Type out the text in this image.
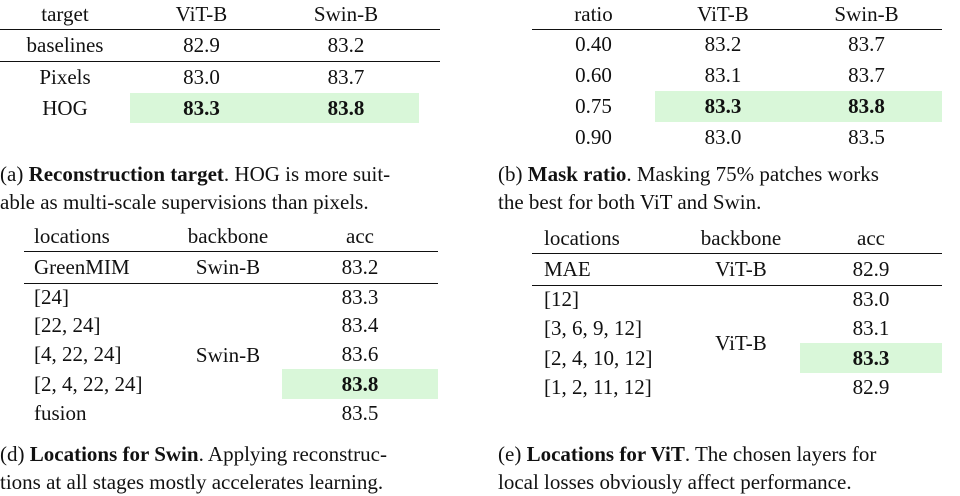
target	ViT-B	Swin-B	
baselines	82.9	83.2	
Pixels	83.0	83.7	
HOG	83.3	83.8	
(a) Reconstruction target. HOG is more suit-
able as multi-scale supervisions than pixels.
ratio	ViT-B	Swin-B
0.40	83.2	83.7
0.60	83.1	83.7
0.75	83.3	83.8
0.90	83.0	83.5
(b) Mask ratio. Masking 75% patches works
the best for both ViT and Swin.
locations	backbone	acc
GreenMIM	Swin-B	83.2
[24]	Swin-B	83.3
[22, 24]		83.4
[4, 22, 24]		83.6
[2, 4, 22, 24]		83.8
fusion		83.5
(d) Locations for Swin. Applying reconstruc-
tions at all stages mostly accelerates learning.
locations	backbone	acc
MAE	ViT-B	82.9
[12]	ViT-B	83.0
[3, 6, 9, 12]		83.1
[2, 4, 10, 12]		83.3
[1, 2, 11, 12]		82.9
(e) Locations for ViT. The chosen layers for
local losses obviously affect performance.
